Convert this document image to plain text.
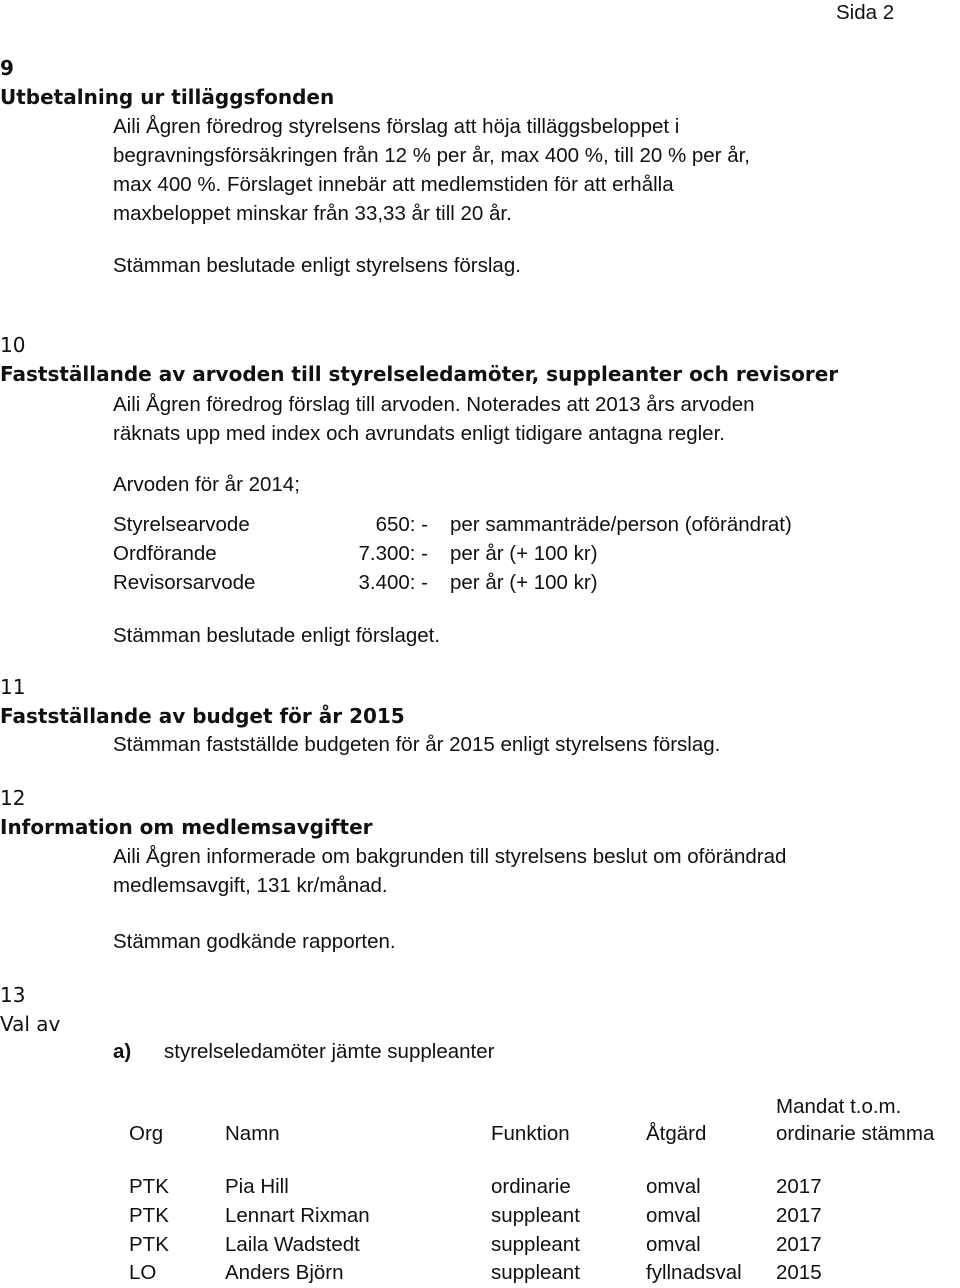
Sida 2
9
Utbetalning ur tilläggsfonden
Aili Ågren föredrog styrelsens förslag att höja tilläggsbeloppet i
begravningsförsäkringen från 12 % per år, max 400 %, till 20 % per år,
max 400 %. Förslaget innebär att medlemstiden för att erhålla
maxbeloppet minskar från 33,33 år till 20 år.
Stämman beslutade enligt styrelsens förslag.
10
Fastställande av arvoden till styrelseledamöter, suppleanter och revisorer
Aili Ågren föredrog förslag till arvoden. Noterades att 2013 års arvoden
räknats upp med index och avrundats enligt tidigare antagna regler.
Arvoden för år 2014;
Styrelsearvode	650: - per sammanträde/person (oförändrat)
Ordförande	7.300: - per år (+ 100 kr)
Revisorsarvode	3.400: - per år (+ 100 kr)
Stämman beslutade enligt förslaget.
11
Fastställande av budget för år 2015
Stämman fastställde budgeten för år 2015 enligt styrelsens förslag.
12
Information om medlemsavgifter
Aili Ågren informerade om bakgrunden till styrelsens beslut om oförändrad
medlemsavgift, 131 kr/månad.
Stämman godkände rapporten.
13
Val av
a) styrelseledamöter jämte suppleanter
Mandat t.o.m.
Org	Namn	Funktion	Åtgärd	ordinarie stämma
PTK	Pia Hill	ordinarie	omval	2017
PTK	Lennart Rixman	suppleant	omval	2017
PTK	Laila Wadstedt	suppleant	omval	2017
LO	Anders Björn	suppleant	fyllnadsval 2015
